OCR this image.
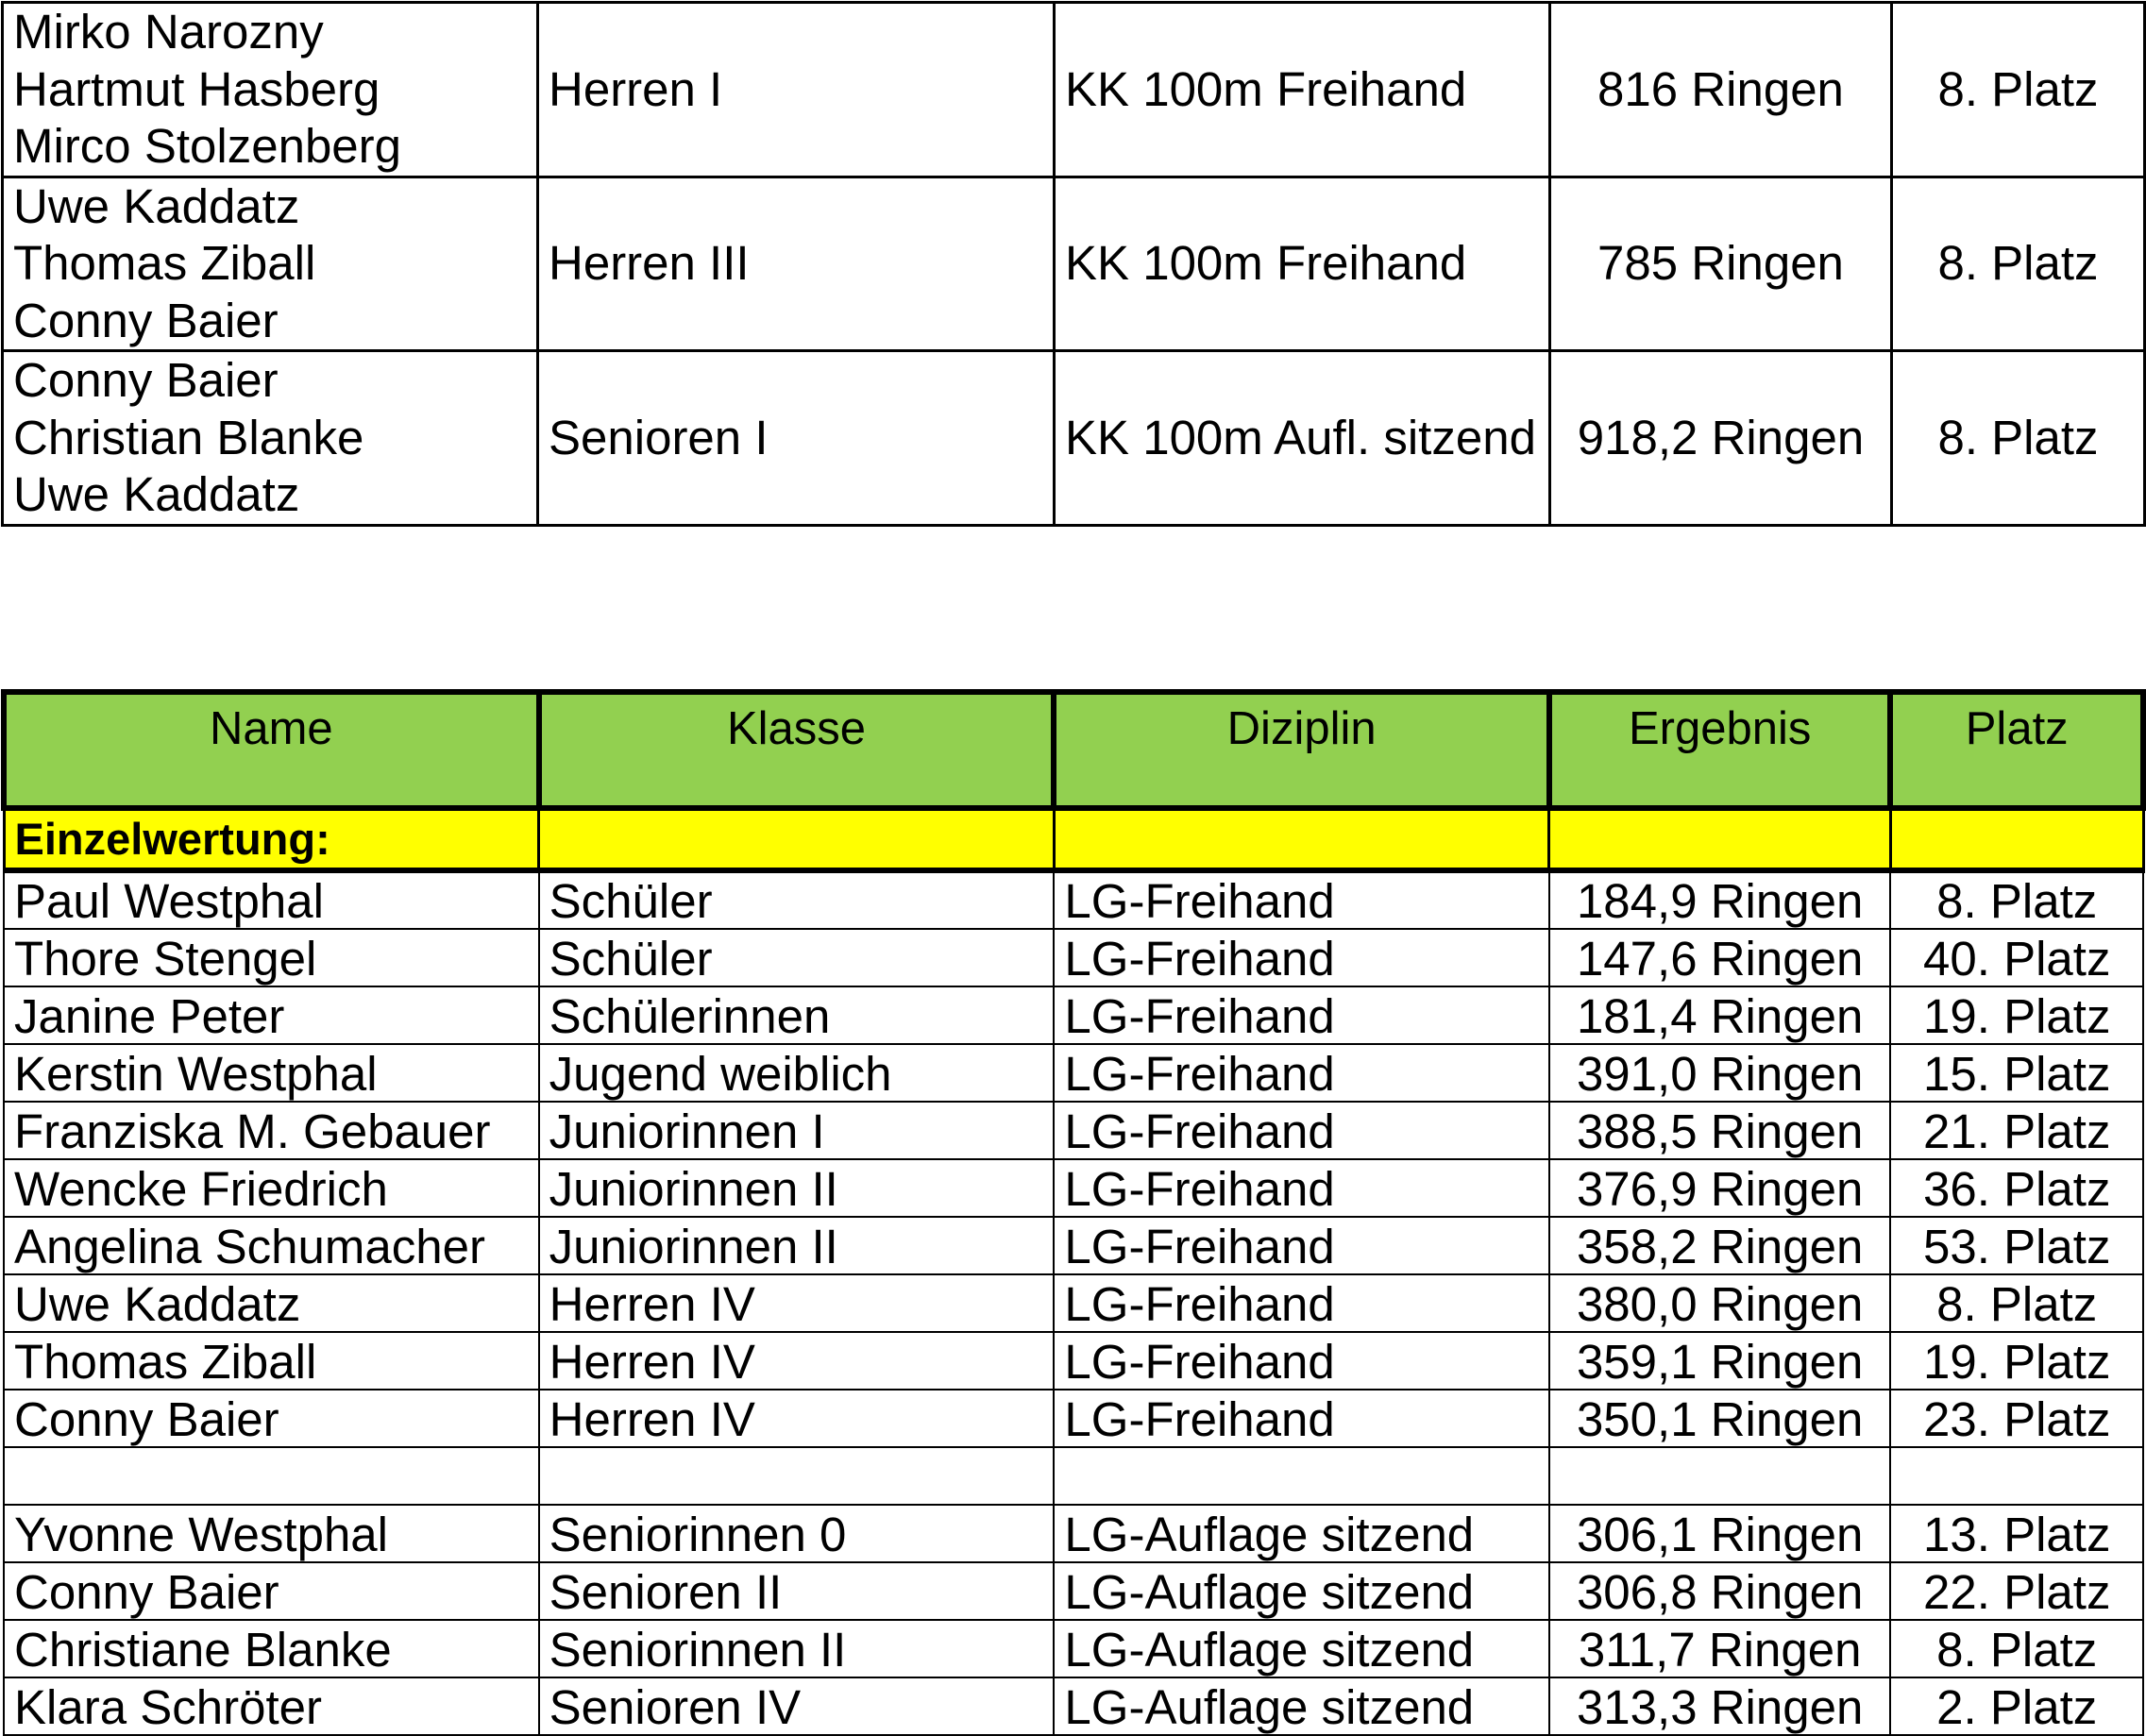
Mirko Narozny
Hartmut Hasberg
Mirco Stolzenberg	Herren I	KK 100m Freihand	816 Ringen	8. Platz

Uwe Kaddatz
Thomas Ziball
Conny Baier	Herren III	KK 100m Freihand	785 Ringen	8. Platz

Conny Baier
Christian Blanke
Uwe Kaddatz	Senioren I	KK 100m Aufl. sitzend	918,2 Ringen	8. Platz
Name	Klasse	Diziplin	Ergebnis	Platz
Einzelwertung:				
Paul Westphal	Schüler	LG-Freihand	184,9 Ringen	8. Platz
Thore Stengel	Schüler	LG-Freihand	147,6 Ringen	40. Platz
Janine Peter	Schülerinnen	LG-Freihand	181,4 Ringen	19. Platz
Kerstin Westphal	Jugend weiblich	LG-Freihand	391,0 Ringen	15. Platz
Franziska M. Gebauer	Juniorinnen I	LG-Freihand	388,5 Ringen	21. Platz
Wencke Friedrich	Juniorinnen II	LG-Freihand	376,9 Ringen	36. Platz
Angelina Schumacher	Juniorinnen II	LG-Freihand	358,2 Ringen	53. Platz
Uwe Kaddatz	Herren IV	LG-Freihand	380,0 Ringen	8. Platz
Thomas Ziball	Herren IV	LG-Freihand	359,1 Ringen	19. Platz
Conny Baier	Herren IV	LG-Freihand	350,1 Ringen	23. Platz

Yvonne Westphal	Seniorinnen 0	LG-Auflage sitzend	306,1 Ringen	13. Platz
Conny Baier	Senioren II	LG-Auflage sitzend	306,8 Ringen	22. Platz
Christiane Blanke	Seniorinnen II	LG-Auflage sitzend	311,7 Ringen	8. Platz
Klara Schröter	Senioren IV	LG-Auflage sitzend	313,3 Ringen	2. Platz
